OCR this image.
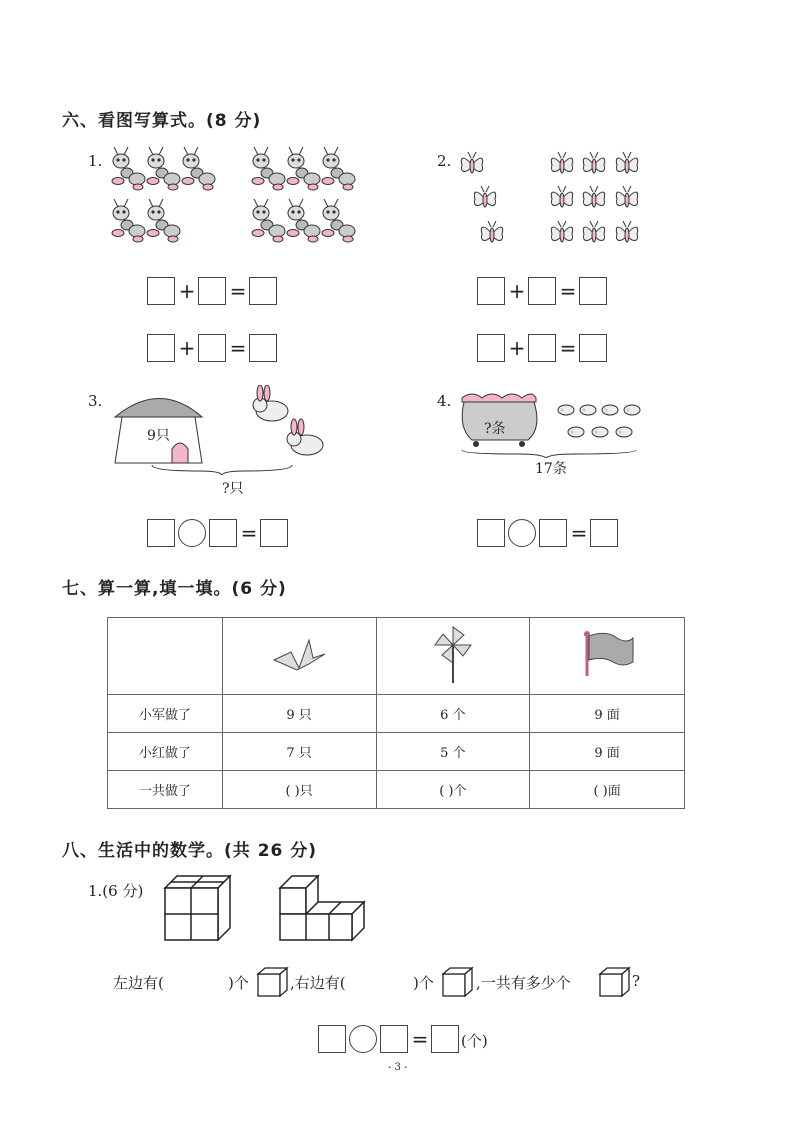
六、看图写算式。(8 分)
1.	2.
3.	4.
+ =
+ =
+ =
+ =
9只
?只
?条
17条
=	=
七、算一算,填一填。(6 分)

小军做了	9 只	6 个	9 面
小红做了	7 只	5 个	9 面
一共做了	( )只	( )个	( )面
八、生活中的数学。(共 26 分)
1.(6 分)
左边有(	)个	,右边有(	)个	,一共有多少个	?
= (个)
- 3 -
